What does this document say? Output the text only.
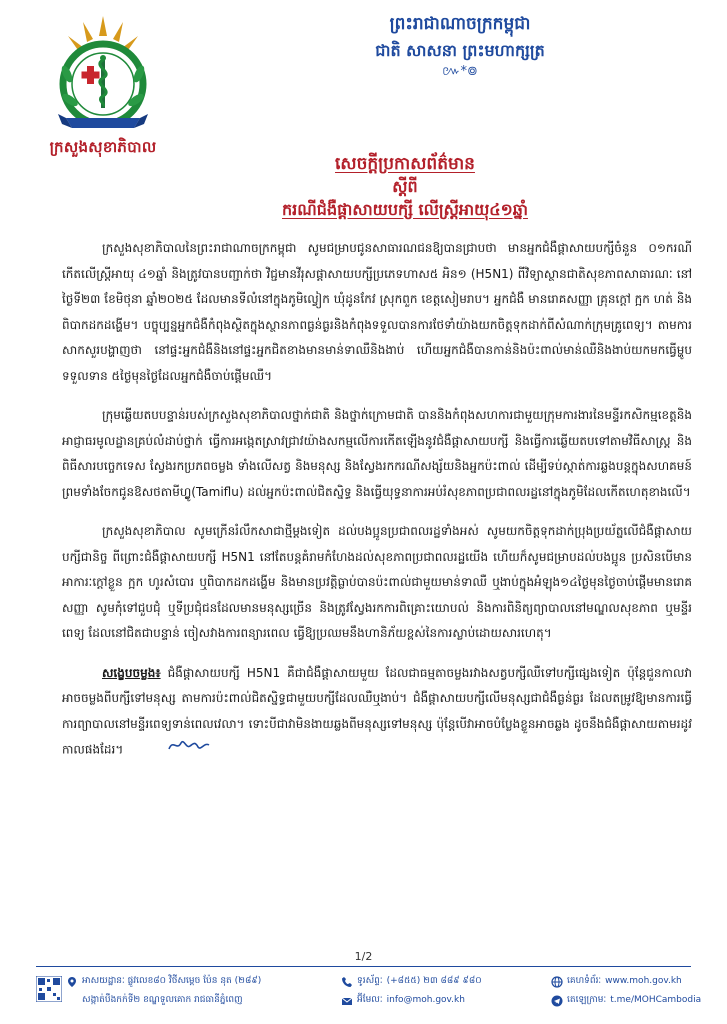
ក្រសួងសុខាភិបាល
ព្រះរាជាណាចក្រកម្ពុជា
ជាតិ សាសនា ព្រះមហាក្សត្រ
៚*៙
សេចក្តីប្រកាសព័ត៌មាន
ស្តីពី
ករណីជំងឺផ្តាសាយបក្សី លើស្ត្រីអាយុ៤១ឆ្នាំ

ក្រសួងសុខាភិបាលនៃព្រះរាជាណាចក្រកម្ពុជា សូមជម្រាបជូនសាធារណជនឱ្យបានជ្រាបថា មានអ្នកជំងឺផ្តាសាយបក្សីចំនួន ០១ករណី កើតលើស្ត្រីអាយុ ៤១ឆ្នាំ និងត្រូវបានបញ្ជាក់ថា វិជ្ជមានវីរុសផ្តាសាយបក្សីប្រភេទហាស៥ អិន១ (H5N1) ពីវិទ្យាស្ថានជាតិសុខភាពសាធារណៈ នៅថ្ងៃទី២៣ ខែមិថុនា ឆ្នាំ២០២៥ ដែលមានទីលំនៅក្នុងភូមិល្វៀក ឃុំដូនកែវ ស្រុកពួក ខេត្តសៀមរាប។ អ្នកជំងឺ មានរោគសញ្ញា គ្រុនក្តៅ ក្អក ហត់ និងពិបាកដកដង្ហើម។ បច្ចុប្បន្នអ្នកជំងឺកំពុងស្ថិតក្នុងស្ថានភាពធ្ងន់ធ្ងរនិងកំពុងទទួលបានការថែទាំយ៉ាងយកចិត្តទុកដាក់ពីសំណាក់ក្រុមគ្រូពេទ្យ។ តាមការសាកសួរបង្ហាញថា នៅផ្ទះអ្នកជំងឺនិងនៅផ្ទះអ្នកជិតខាងមានមាន់ទាឈឺនិងងាប់ ហើយអ្នកជំងឺបានកាន់និងប៉ះពាល់មាន់ឈឺនិងងាប់យកមកធ្វើម្ហូបទទួលទាន ៥ថ្ងៃមុនថ្ងៃដែលអ្នកជំងឺចាប់ផ្តើមឈឺ។

ក្រុមឆ្លើយតបបន្ទាន់របស់ក្រសួងសុខាភិបាលថ្នាក់ជាតិ និងថ្នាក់ក្រោមជាតិ បាននិងកំពុងសហការជាមួយក្រុមការងារនៃមន្ទីរកសិកម្មខេត្តនិងអាជ្ញាធរមូលដ្ឋានគ្រប់លំដាប់ថ្នាក់ ធ្វើការអង្កេតស្រាវជ្រាវយ៉ាងសកម្មលើការកើតឡើងនូវជំងឺផ្តាសាយបក្សី និងធ្វើការឆ្លើយតបទៅតាមវិធីសាស្ត្រ និងពិធីសារបច្ចេកទេស ស្វែងរកប្រភពចម្លង ទាំងលើសត្វ និងមនុស្ស និងស្វែងរកករណីសង្ស័យនិងអ្នកប៉ះពាល់ ដើម្បីទប់ស្កាត់ការឆ្លងបន្តក្នុងសហគមន៍ ព្រមទាំងចែកជូនឱសថតាមីហ្វ្លូ(Tamiflu) ដល់អ្នកប៉ះពាល់ជិតស្និទ្ធ និងធ្វើយុទ្ធនាការអប់រំសុខភាពប្រជាពលរដ្ឋនៅក្នុងភូមិដែលកើតហេតុខាងលើ។

ក្រសួងសុខាភិបាល សូមក្រើនរំលឹកសាជាថ្មីម្តងទៀត ដល់បងប្អូនប្រជាពលរដ្ឋទាំងអស់ សូមយកចិត្តទុកដាក់ប្រុងប្រយ័ត្នលើជំងឺផ្តាសាយបក្សីជានិច្ច ពីព្រោះជំងឺផ្តាសាយបក្សី H5N1 នៅតែបន្តគំរាមកំហែងដល់សុខភាពប្រជាពលរដ្ឋយើង ហើយក៏សូមជម្រាបដល់បងប្អូន ប្រសិនបើមានអាការៈក្តៅខ្លួន ក្អក ហូរសំបោរ ឬពិបាកដកដង្ហើម និងមានប្រវត្តិធ្លាប់បានប៉ះពាល់ជាមួយមាន់ទាឈឺ ឬងាប់ក្នុងអំឡុង១៤ថ្ងៃមុនថ្ងៃចាប់ផ្តើមមានរោគសញ្ញា សូមកុំទៅជួបជុំ ឬទីប្រជុំជនដែលមានមនុស្សច្រើន និងត្រូវស្វែងរកការពិគ្រោះយោបល់ និងការពិនិត្យព្យាបាលនៅមណ្ឌលសុខភាព ឬមន្ទីរពេទ្យ ដែលនៅជិតជាបន្ទាន់ ចៀសវាងការពន្យារពេល ធ្វើឱ្យប្រឈមនឹងហានិភ័យខ្ពស់នៃការស្លាប់ដោយសារហេតុ។

សង្ខេបចម្លង៖ ជំងឺផ្តាសាយបក្សី H5N1 គឺជាជំងឺផ្តាសាយមួយ ដែលជាធម្មតាចម្លងរវាងសត្វបក្សីឈឺទៅបក្សីផ្សេងទៀត ប៉ុន្តែជួនកាលវាអាចចម្លងពីបក្សីទៅមនុស្ស តាមការប៉ះពាល់ជិតស្និទ្ធជាមួយបក្សីដែលឈឺឬងាប់។ ជំងឺផ្តាសាយបក្សីលើមនុស្សជាជំងឺធ្ងន់ធ្ងរ ដែលតម្រូវឱ្យមានការធ្វើការព្យាបាលនៅមន្ទីរពេទ្យទាន់ពេលវេលា។ ទោះបីជាវាមិនងាយឆ្លងពីមនុស្សទៅមនុស្ស ប៉ុន្តែបើវាអាចបំប្លែងខ្លួនអាចឆ្លង ដូចនឹងជំងឺផ្តាសាយតាមរដូវកាលផងដែរ។

1/2
អាសយដ្ឋានៈ ផ្លូវលេខ៨០ វិថីសម្តេច ប៉ែន នុត (២៨៩)
សង្កាត់បឹងកក់ទី២ ខណ្ឌទួលគោក រាជធានីភ្នំពេញ
ទូរស័ព្ទៈ (+៨៥៥) ២៣ ៨៨៩ ៩៨០
អ៊ីមែលៈ info@moh.gov.kh
គេហទំព័រៈ www.moh.gov.kh
តេឡេក្រាមៈ t.me/MOHCambodia
